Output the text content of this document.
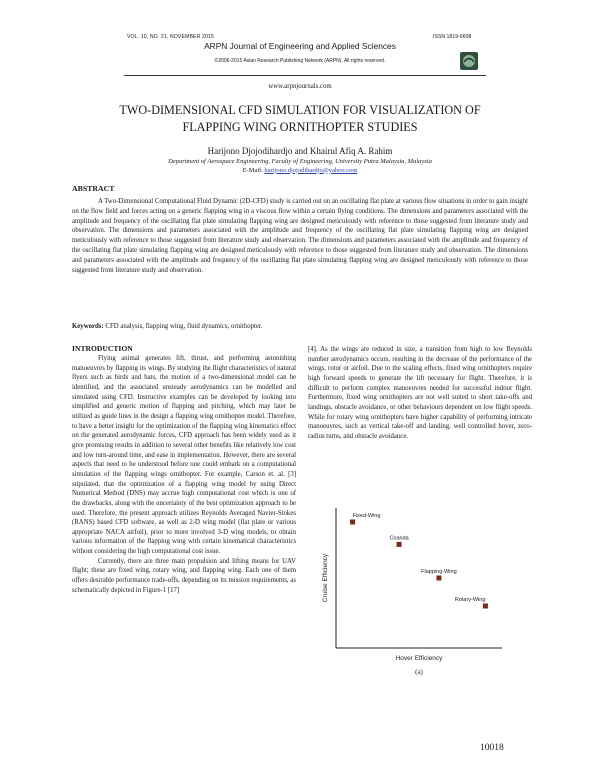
VOL. 10, NO. 21, NOVEMBER 2015	ISSN 1819-6608
ARPN Journal of Engineering and Applied Sciences
©2006-2015 Asian Research Publishing Network (ARPN). All rights reserved.
www.arpnjournals.com
TWO-DIMENSIONAL CFD SIMULATION FOR VISUALIZATION OF
FLAPPING WING ORNITHOPTER STUDIES
Harijono Djojodihardjo and Khairul Afiq A. Rahim
Department of Aerospace Engineering, Faculty of Engineering, University Putra Malaysia, Malaysia
E-Mail: harijono.djojodihardjo@yahoo.com
ABSTRACT

A Two-Dimensional Computational Fluid Dynamic (2D-CFD) study is carried out on an oscillating flat plate at various flow situations in order to gain insight on the flow field and forces acting on a generic flapping wing in a viscous flow within a certain flying conditions. The dimensions and parameters associated with the amplitude and frequency of the oscillating flat plate simulating flapping wing are designed meticulously with reference to those suggested from literature study and observation. The dimensions and parameters associated with the amplitude and frequency of the oscillating flat plate simulating flapping wing are designed meticulously with reference to those suggested from literature study and observation. The dimensions and parameters associated with the amplitude and frequency of the oscillating flat plate simulating flapping wing are designed meticulously with reference to those suggested from literature study and observation. The dimensions and parameters associated with the amplitude and frequency of the oscillating flat plate simulating flapping wing are designed meticulously with reference to those suggested from literature study and observation.

Keywords: CFD analysis, flapping wing, fluid dynamics, ornithopter.
INTRODUCTION

Flying animal generates lift, thrust, and performing astonishing manoeuvres by flapping its wings. By studying the flight characteristics of natural flyers such as birds and bats, the motion of a two-dimensional model can be identified, and the associated unsteady aerodynamics can be modelled and simulated using CFD. Instructive examples can be developed by looking into simplified and generic motion of flapping and pitching, which may later be utilized as guide lines in the design a flapping wing ornithopter model. Therefore, to have a better insight for the optimization of the flapping wing kinematics effect on the generated aerodynamic forces, CFD approach has been widely used as it give promising results in addition to several other benefits like relatively low cost and low turn-around time, and ease in implementation. However, there are several aspects that need to be understood before one could embark on a computational simulation of the flapping wings ornithopter. For example, Carson et. al. [3] stipulated, that the optimization of a flapping wing model by using Direct Numerical Method (DNS) may accrue high computational cost which is one of the drawbacks, along with the uncertainty of the best optimization approach to be used. Therefore, the present approach utilizes Reynolds Averaged Navier-Stokes (RANS) based CFD software, as well as 2-D wing model (flat plate or various appropriate NACA airfoil), prior to more involved 3-D wing models, to obtain various information of the flapping wing with certain kinematical characteristics without considering the high computational cost issue.

Currently, there are three main propulsion and lifting means for UAV flight; these are fixed wing, rotary wing, and flapping wing. Each one of them offers desirable performance trade-offs, depending on its mission requirements, as schematically depicted in Figure-1 [17]

[4]. As the wings are reduced in size, a transition from high to low Reynolds number aerodynamics occurs, resulting in the decrease of the performance of the wings, rotor or airfoil. Due to the scaling effects, fixed wing ornithopters require high forward speeds to generate the lift necessary for flight. Therefore, it is difficult to perform complex manoeuvres needed for successful indoor flight. Furthermore, fixed wing ornithopters are not well suited to short take-offs and landings, obstacle avoidance, or other behaviours dependent on low flight speeds. While for rotary wing ornithopters have higher capability of performing intricate manoeuvres, such as vertical take-off and landing, well controlled hover, zero-radius turns, and obstacle avoidance.

Fixed-Wing
Coanda
Flapping-Wing
Rotary-Wing
Cruise Efficiency
Hover Efficiency
(a)
10018
